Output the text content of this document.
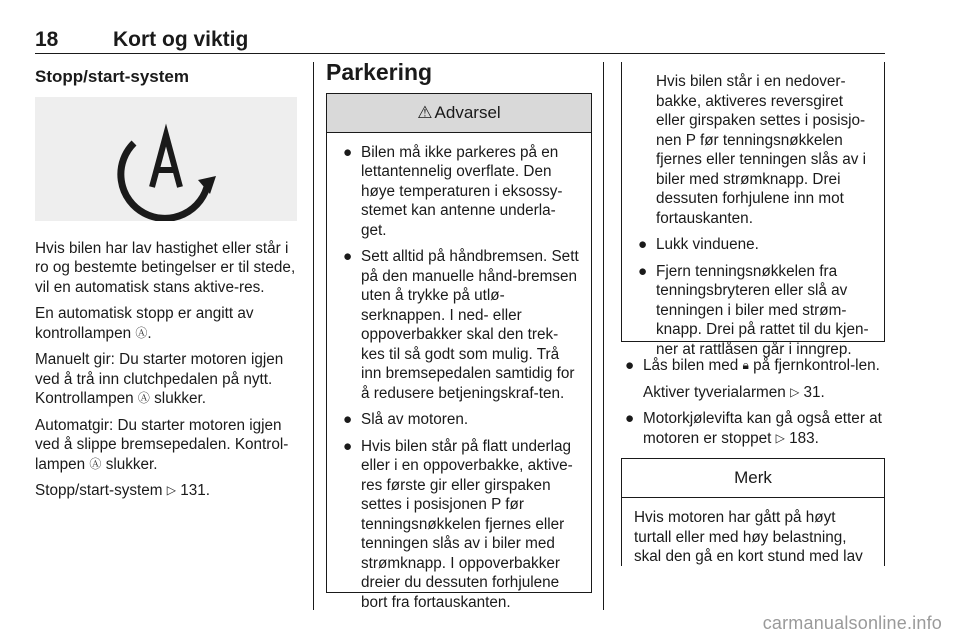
18	Kort og viktig
Stopp/start-system

Hvis bilen har lav hastighet eller står i ro og bestemte betingelser er til stede, vil en automatisk stans aktive-res.

En automatisk stopp er angitt av kontrollampen Ⓐ.

Manuelt gir: Du starter motoren igjen ved å trå inn clutchpedalen på nytt. Kontrollampen Ⓐ slukker.

Automatgir: Du starter motoren igjen ved å slippe bremsepedalen. Kontrol-lampen Ⓐ slukker.

Stopp/start-system ▷ 131.

Parkering
⚠ Advarsel
● Bilen må ikke parkeres på en lettantennelig overflate. Den høye temperaturen i eksossy-stemet kan antenne underla-get.
● Sett alltid på håndbremsen. Sett på den manuelle hånd-bremsen uten å trykke på utlø-serknappen. I ned- eller oppoverbakker skal den trek-kes til så godt som mulig. Trå inn bremsepedalen samtidig for å redusere betjeningskraf-ten.
● Slå av motoren.
● Hvis bilen står på flatt underlag eller i en oppoverbakke, aktive-res første gir eller girspaken settes i posisjonen P før tenningsnøkkelen fjernes eller tenningen slås av i biler med strømknapp. I oppoverbakker dreier du dessuten forhjulene bort fra fortauskanten.

Hvis bilen står i en nedover-bakke, aktiveres reversgiret eller girspaken settes i posisjo-nen P før tenningsnøkkelen fjernes eller tenningen slås av i biler med strømknapp. Drei dessuten forhjulene inn mot fortauskanten.

● Lukk vinduene.
● Fjern tenningsnøkkelen fra tenningsbryteren eller slå av tenningen i biler med strøm-knapp. Drei på rattet til du kjen-ner at rattlåsen går i inngrep.
● Lås bilen med 🔒︎ på fjernkontrol-len.
Aktiver tyverialarmen ▷ 31.
● Motorkjølevifta kan gå også etter at motoren er stoppet ▷ 183.
Merk

Hvis motoren har gått på høyt turtall eller med høy belastning, skal den gå en kort stund med lav

carmanualsonline.info
